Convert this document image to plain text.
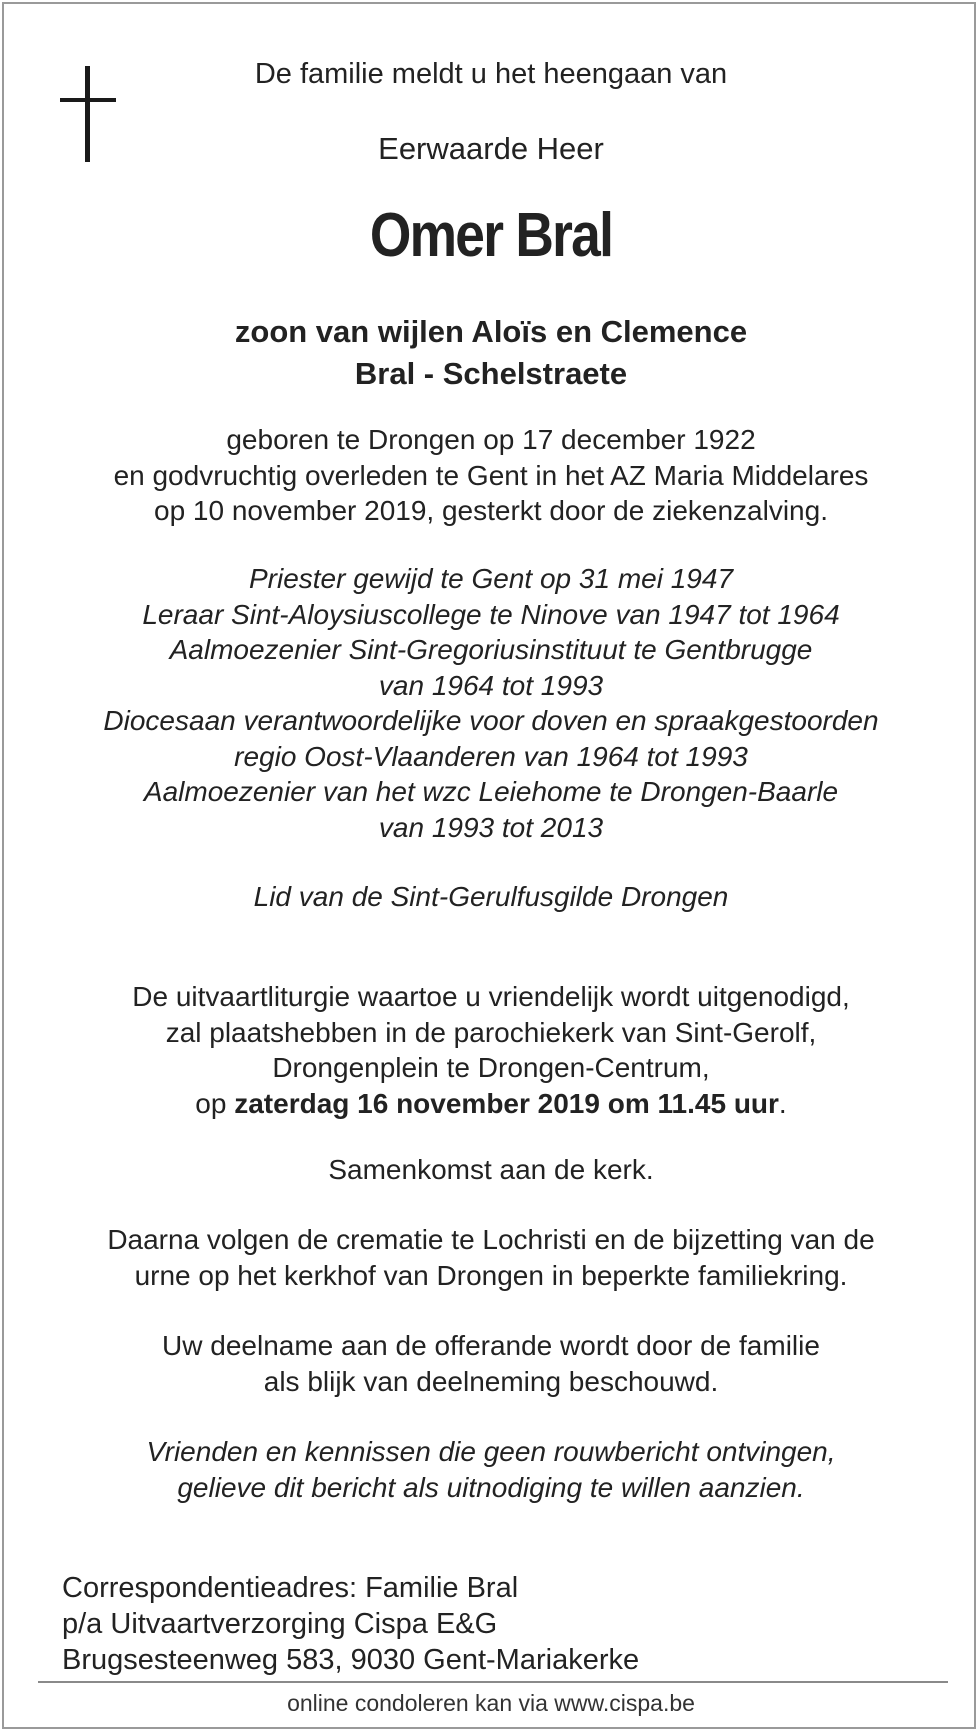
De familie meldt u het heengaan van
Eerwaarde Heer
Omer Bral
zoon van wijlen Aloïs en Clemence
Bral - Schelstraete
geboren te Drongen op 17 december 1922
en godvruchtig overleden te Gent in het AZ Maria Middelares
op 10 november 2019, gesterkt door de ziekenzalving.
Priester gewijd te Gent op 31 mei 1947
Leraar Sint-Aloysiuscollege te Ninove van 1947 tot 1964
Aalmoezenier Sint-Gregoriusinstituut te Gentbrugge
van 1964 tot 1993
Diocesaan verantwoordelijke voor doven en spraakgestoorden
regio Oost-Vlaanderen van 1964 tot 1993
Aalmoezenier van het wzc Leiehome te Drongen-Baarle
van 1993 tot 2013
Lid van de Sint-Gerulfusgilde Drongen
De uitvaartliturgie waartoe u vriendelijk wordt uitgenodigd,
zal plaatshebben in de parochiekerk van Sint-Gerolf,
Drongenplein te Drongen-Centrum,
op zaterdag 16 november 2019 om 11.45 uur.
Samenkomst aan de kerk.
Daarna volgen de crematie te Lochristi en de bijzetting van de
urne op het kerkhof van Drongen in beperkte familiekring.
Uw deelname aan de offerande wordt door de familie
als blijk van deelneming beschouwd.
Vrienden en kennissen die geen rouwbericht ontvingen,
gelieve dit bericht als uitnodiging te willen aanzien.
Correspondentieadres: Familie Bral
p/a Uitvaartverzorging Cispa E&G
Brugsesteenweg 583, 9030 Gent-Mariakerke
online condoleren kan via www.cispa.be
